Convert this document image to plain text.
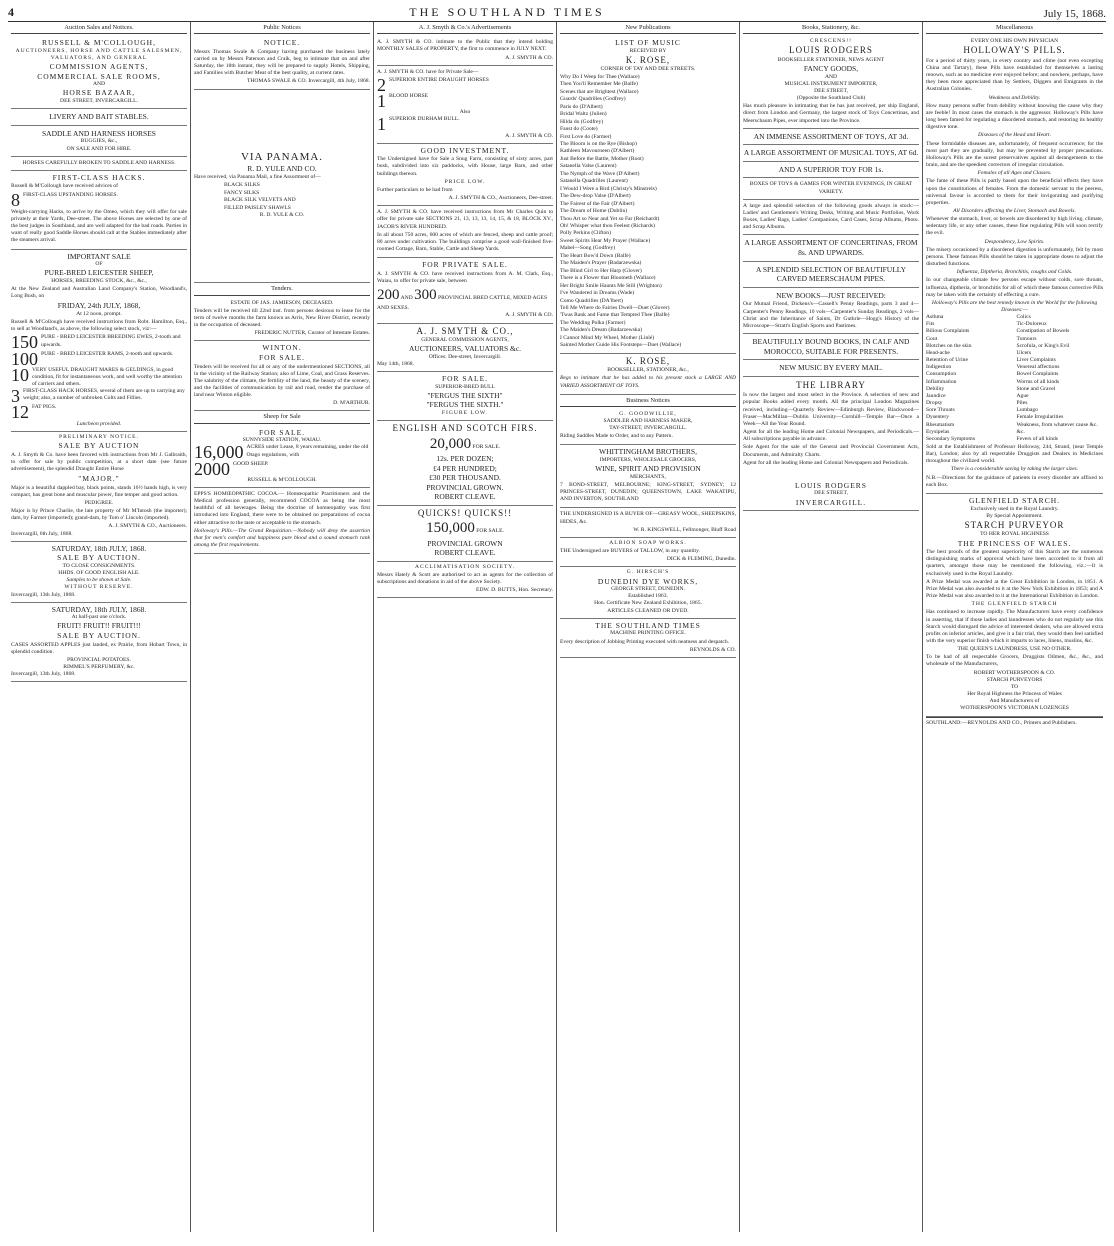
4	THE SOUTHLAND TIMES	July 15, 1868.
Auction Sales and Notices.
RUSSELL & M'COLLOUGH,
AUCTIONEERS, HORSE AND CATTLE SALESMEN, VALUATORS, AND GENERAL
COMMISSION AGENTS,
COMMERCIAL SALE ROOMS,
AND
HORSE BAZAAR,
DEE STREET, INVERCARGILL.
LIVERY AND BAIT STABLES.
SADDLE AND HARNESS HORSES
BUGGIES, &c.,
ON SALE AND FOR HIRE.
HORSES CAREFULLY BROKEN TO SADDLE AND HARNESS.
FIRST-CLASS HACKS.

Russell & M'Collough have received advices of

8 FIRST-CLASS UPSTANDING HORSES.

Weight-carrying Hacks, to arrive by the Omeo, which they will offer for sale privately at their Yards, Dee-street. The above Horses are selected by one of the best judges in Southland, and are well adapted for the bad roads. Parties in want of really good Saddle Horses should call at the Stables immediately after the steamers arrival.

IMPORTANT SALE
OF
PURE-BRED LEICESTER SHEEP,
HORSES, BREEDING STOCK, &c., &c.,

At the New Zealand and Australian Land Company's Station, Woodland's, Long Bush, on

FRIDAY, 24th JULY, 1868,
At 12 noon, prompt.

Russell & M'Collough have received instructions from Robt. Hamilton, Esq., to sell at Woodland's, as above, the following select stock, viz:—

150 PURE - BRED LEICESTER BREEDING EWES, 2-tooth and upwards.
100 PURE - BRED LEICESTER RAMS, 2-tooth and upwards.
10 VERY USEFUL DRAUGHT MARES & GELDINGS, in good condition, fit for instantaneous work, and well worthy the attention of carriers and others.
3 FIRST-CLASS HACK HORSES, several of them are up to carrying any weight; also, a number of unbroken Colts and Fillies.
12 FAT PIGS.
Luncheon provided.
PRELIMINARY NOTICE.
SALE BY AUCTION

A. J. Smyth & Co. have been favored with instructions from Mr J. Galbraith, to offer for sale by public competition, at a short date (see future advertisement), the splendid Draught Entire Horse

"MAJOR."

Major is a beautiful dappled bay, black points, stands 16½ hands high, is very compact, has great bone and muscular power, fine temper and good action.

PEDIGREE.

Major is by Prince Charlie, the late property of Mr M'Intosh (the importer); dam, by Farmer (imported); grand-dam, by Tom o' Lincoln (imported).

A. J. SMYTH & CO., Auctioneers.
Invercargill, 6th July, 1868.
SATURDAY, 18th JULY, 1868.
SALE BY AUCTION.
TO CLOSE CONSIGNMENTS.
HHDS. OF GOOD ENGLISH ALE.
Samples to be shown at Sale.
WITHOUT RESERVE.
Invercargill, 13th July, 1868.
SATURDAY, 18th JULY, 1868.
At half-past one o'clock.
FRUIT! FRUIT!! FRUIT!!!
SALE BY AUCTION.

CASES ASSORTED APPLES just landed, ex Prairie, from Hobart Town, in splendid condition.

PROVINCIAL POTATOES.
RIMMEL'S PERFUMERY, &c.
Invercargill, 13th July, 1868.
Public Notices
NOTICE.

Messrs Thomas Swale & Company having purchased the business lately carried on by Messrs Paterson and Craik, beg to intimate that on and after Saturday, the 18th instant, they will be prepared to supply Hotels, Shipping, and Families with Butcher Meat of the best quality, at current rates.

THOMAS SWALE & CO. Invercargill, 4th July, 1868.
VIA PANAMA.
R. D. YULE AND CO.

Have received, via Panama Mail, a fine Assortment of—

BLACK SILKS
FANCY SILKS
BLACK SILK VELVETS AND
FILLED PAISLEY SHAWLS
R. D. YULE & CO.
Tenders.
ESTATE OF JAS. JAMIESON, DECEASED.

Tenders will be received till 22nd inst. from persons desirous to lease for the term of twelve months the farm known as Arris, New River District, recently in the occupation of deceased.

FREDERIC NUTTER, Curator of Intestate Estates.
WINTON.
FOR SALE.

Tenders will be received for all or any of the undermentioned SECTIONS, all in the vicinity of the Railway Station; also of Lime, Coal, and Grass Reserves. The salubrity of the climate, the fertility of the land, the beauty of the scenery, and the facilities of communication by rail and road, render the purchase of land near Winton eligible.

D. M'ARTHUR.
Sheep for Sale
FOR SALE.
SUNNYSIDE STATION, WAIAU.
16,000 ACRES under Lease, 8 years remaining, under the old Otago regulations, with
2000 GOOD SHEEP.
RUSSELL & M'COLLOUGH.

EPPS'S HOMŒOPATHIC COCOA.— Homœopathic Practitioners and the Medical profession generally, recommend COCOA as being the most healthful of all beverages. Being the doctrine of homœopathy was first introduced into England, there were to be obtained no preparations of cocoa either attractive to the taste or acceptable to the stomach.

Holloway's Pills.—The Grand Requisition.—Nobody will deny the assertion that for men's comfort and happiness pure blood and a sound stomach rank among the first requirements.

A. J. Smyth & Co.'s Advertisements

A. J. SMYTH & CO. intimate to the Public that they intend holding MONTHLY SALES of PROPERTY, the first to commence in JULY NEXT.

A. J. SMYTH & CO.

A. J. SMYTH & CO. have for Private Sale—

2 SUPERIOR ENTIRE DRAUGHT HORSES
1 BLOOD HORSE
Also
1 SUPERIOR DURHAM BULL.
A. J. SMYTH & CO.
GOOD INVESTMENT.

The Undersigned have for Sale a Snug Farm, consisting of sixty acres, part bush, subdivided into six paddocks, with House, large Barn, and other buildings thereon.

PRICE LOW.

Further particulars to be had from

A. J. SMYTH & CO., Auctioneers, Dee-street.

A. J. SMYTH & CO. have received instructions from Mr Charles Quin to offer for private sale SECTIONS 21, 13, 13, 13, 14, 15, & 18, BLOCK XV., JACOB'S RIVER HUNDRED.

In all about 750 acres, 600 acres of which are fenced, sheep and cattle proof; 80 acres under cultivation. The buildings comprise a good wall-finished five-roomed Cottage, Barn, Stable, Cattle and Sheep Yards.

FOR PRIVATE SALE.

A. J. SMYTH & CO. have received instructions from A. M. Clark, Esq., Waiau, to offer for private sale, between

200 AND 300 PROVINCIAL BRED CATTLE, MIXED AGES AND SEXES.
A. J. SMYTH & CO.
A. J. SMYTH & CO.,
GENERAL COMMISSION AGENTS,
AUCTIONEERS, VALUATORS &c.
Offices: Dee-street, Invercargill.
May 14th, 1868.
FOR SALE.
SUPERIOR-BRED BULL
"FERGUS THE SIXTH"
"FERGUS THE SIXTH."
FIGURE LOW.
ENGLISH AND SCOTCH FIRS.
20,000 FOR SALE.
12s. PER DOZEN;
£4 PER HUNDRED;
£30 PER THOUSAND.
PROVINCIAL GROWN.
ROBERT CLEAVE.
QUICKS! QUICKS!!
150,000 FOR SALE.
PROVINCIAL GROWN
ROBERT CLEAVE.
ACCLIMATISATION SOCIETY.

Messrs Hately & Scott are authorised to act as agents for the collection of subscriptions and donations in aid of the above Society.

EDW. D. BUTTS, Hon. Secretary.
New Publications
LIST OF MUSIC
RECEIVED BY
K. ROSE,
CORNER OF TAY AND DEE STREETS.
Why Do I Weep for Thee (Wallace)
Then You'll Remember Me (Balfe)
Scenes that are Brightest (Wallace)
Guards' Quadrilles (Godfrey)
Paris do (D'Albert)
Bridal Waltz (Julien)
Hilda do (Godfrey)
Faust do (Coote)
First Love do (Farmer)
The Bloom is on the Rye (Bishop)
Kathleen Mavourneen (D'Albert)
Just Before the Battle, Mother (Root)
Satanella Valse (Laurent)
The Nymph of the Wave (D'Albert)
Satanella Quadrilles (Laurent)
I Would I Were a Bird (Christy's Minstrels)
The Dew-drop Valse (D'Albert)
The Fairest of the Fair (D'Albert)
The Dream of Home (Dublin)
Thou Art so Near and Yet so Far (Reichardt)
Oh! Whisper what thou Feelest (Richards)
Polly Perkins (Clifton)
Sweet Spirits Hear My Prayer (Wallace)
Mabel—Song (Godfrey)
The Heart Bow'd Down (Balfe)
The Maiden's Prayer (Badarzewska)
The Blind Girl to Her Harp (Glover)
There is a Flower that Bloometh (Wallace)
Her Bright Smile Haunts Me Still (Wrighton)
I've Wandered in Dreams (Wade)
Como Quadrilles (DA'lbert)
Tell Me Where do Fairies Dwell—Duet (Glover)
'Twas Rank and Fame that Tempted Thee (Balfe)
The Wedding Polka (Farmer)
The Maiden's Dream (Badarzewska)
I Cannot Mind My Wheel, Mother (Linlé)
Sainted Mother Guide His Footsteps—Duet (Wallace)
K. ROSE,
BOOKSELLER, STATIONER, &c.,

Begs to intimate that he has added to his present stock a LARGE AND VARIED ASSORTMENT OF TOYS.

Business Notices
G. GOODWILLIE,
SADDLER AND HARNESS MAKER,
TAY-STREET, INVERCARGILL.

Riding Saddles Made to Order, and to any Pattern.

WHITTINGHAM BROTHERS,
IMPORTERS, WHOLESALE GROCERS,
WINE, SPIRIT AND PROVISION
MERCHANTS,

7 BOND-STREET, MELBOURNE; KING-STREET, SYDNEY; 12 PRINCES-STREET, DUNEDIN; QUEENSTOWN, LAKE WAKATIPU, AND INVERTON, SOUTHLAND

THE UNDERSIGNED IS A BUYER OF—GREASY WOOL, SHEEPSKINS, HIDES, &c.

W. R. KINGSWELL, Fellmonger, Bluff Road
ALBION SOAP WORKS.

THE Undersigned are BUYERS of TALLOW, in any quantity.

DICK & FLEMING, Dunedin.
G. HIRSCH'S
DUNEDIN DYE WORKS,
GEORGE STREET, DUNEDIN.
Established 1863.
Hon. Certificate New Zealand Exhibition, 1865.
ARTICLES CLEANED OR DYED.
THE SOUTHLAND TIMES
MACHINE PRINTING OFFICE.

Every description of Jobbing Printing executed with neatness and despatch.

REYNOLDS & CO.
Books, Stationery, &c.
CRESCENS!!
LOUIS RODGERS
BOOKSELLER STATIONER, NEWS AGENT
FANCY GOODS,
AND
MUSICAL INSTRUMENT IMPORTER,
DEE STREET,
(Opposite the Southland Club)

Has much pleasure in intimating that he has just received, per ship England, direct from London and Germany, the largest stock of Toys Concertinas, and Meerschaum Pipes, ever imported into the Province.

AN IMMENSE ASSORTMENT OF TOYS, AT 3d.
A LARGE ASSORTMENT OF MUSICAL TOYS, AT 6d.
AND A SUPERIOR TOY FOR 1s.
BOXES OF TOYS & GAMES FOR WINTER EVENINGS, IN GREAT VARIETY.

A large and splendid selection of the following goods always in stock:—Ladies' and Gentlemen's Writing Desks, Writing and Music Portfolios, Work Boxes, Ladies' Bags, Ladies' Companions, Card Cases, Scrap Albums, Photo. and Scrap Albums.

A LARGE ASSORTMENT OF CONCERTINAS, FROM 8s. AND UPWARDS.
A SPLENDID SELECTION OF BEAUTIFULLY CARVED MEERSCHAUM PIPES.
NEW BOOKS—JUST RECEIVED:

Our Mutual Friend, Dickens's—Cassell's Penny Readings, parts 3 and 4—Carpenter's Penny Readings, 10 vols—Carpenter's Sunday Readings, 2 vols—Christ and the Inheritance of Saints, Dr Guthrie—Hogg's History of the Microscope—Stratt's English Sports and Pastimes.

BEAUTIFULLY BOUND BOOKS, IN CALF AND MOROCCO, SUITABLE FOR PRESENTS.
NEW MUSIC BY EVERY MAIL.
THE LIBRARY

Is now the largest and most select in the Province. A selection of new and popular Books added every month. All the principal London Magazines received, including—Quarterly Review—Edinburgh Review, Blackwood—Fraser—MacMillan—Dublin University—Cornhill—Temple Bar—Once a Week—All the Year Round.

Agent for all the leading Home and Colonial Newspapers, and Periodicals.—All subscriptions payable in advance.

Sole Agent for the sale of the General and Provincial Government Acts, Documents, and Admiralty Charts.

Agent for all the leading Home and Colonial Newspapers and Periodicals.

LOUIS RODGERS
DEE STREET,
INVERCARGILL.
Miscellaneous
EVERY ONE HIS OWN PHYSICIAN
HOLLOWAY'S PILLS.

For a period of thirty years, in every country and clime (not even excepting China and Tartary), these Pills have established for themselves a lasting renown, such as no medicine ever enjoyed before; and nowhere, perhaps, have they been more appreciated than by Settlers, Diggers and Emigrants in the Australian Colonies.

Weakness and Debility.

How many persons suffer from debility without knowing the cause why they are feeble! In most cases the stomach is the aggressor. Holloway's Pills have long been famed for regulating a disordered stomach, and restoring its healthy digestive tone.

Diseases of the Head and Heart.

These formidable diseases are, unfortunately, of frequent occurrence; for the most part they are gradually, but may be prevented by proper precautions. Holloway's Pills are the surest preservatives against all derangements to the brain, and are the speediest correctors of irregular circulation.

Females of all Ages and Classes.

The fame of these Pills is partly based upon the beneficial effects they have upon the constitutions of females. From the domestic servant to the peeress, universal favour is accorded to them for their invigorating and purifying properties.

All Disorders affecting the Liver, Stomach and Bowels.

Whenever the stomach, liver, or bowels are disordered by high living, climate, sedentary life, or any other causes, these fine regulating Pills will soon rectify the evil.

Despondency, Low Spirits.

The misery occasioned by a disordered digestion is unfortunately, felt by most persons. These famous Pills should be taken in appropriate doses to adjust the disturbed functions.

Influenza, Diptheria, Bronchitis, coughs and Colds.

In our changeable climate few persons escape without colds, sore throats, influenza, diptheria, or bronchitis for all of which these famous corrective Pills may be taken with the certainty of effecting a cure.

Holloway's Pills are the best remedy known in the World for the following Diseases:—
Asthma
Fits
Bilious Complaints
Gout
Blotches on the skin
Head-ache
Retention of Urine
Indigestion
Consumption
Inflammation
Debility
Jaundice
Dropsy
Sore Throats
Dysentery
Rheumatism
Erysipelas
Secondary Symptoms
Colics
Tic-Doloreux
Constipation of Bowels
Tumours
Scrofula, or King's Evil
Ulcers
Liver Complaints
Venereal affections
Bowel Complaints
Worms of all kinds
Stone and Gravel
Ague
Piles
Lumbago
Female Irregularities
Weakness, from whatever cause &c. &c.
Fevers of all kinds

Sold at the Establishment of Professor Holloway, 244, Strand, (near Temple Bar), London; also by all respectable Druggists and Dealers in Medicines throughout the civilized world.

There is a considerable saving by taking the larger sizes.

N.B.—Directions for the guidance of patients in every disorder are affixed to each Box.

GLENFIELD STARCH.
Exclusively used in the Royal Laundry.
By Special Appointment.
STARCH PURVEYOR
TO HER ROYAL HIGHNESS
THE PRINCESS OF WALES.

The best proofs of the greatest superiority of this Starch are the numerous distinguishing marks of approval which have been accorded to it from all quarters, amongst those may be mentioned the following, viz.:—It is exclusively used in the Royal Laundry.

A Prize Medal was awarded at the Great Exhibition in London, in 1851. A Prize Medal was also awarded to it at the New York Exhibition in 1853; and A Prize Medal was also awarded to it at the International Exhibition in London.

THE GLENFIELD STARCH

Has continued to increase rapidly. The Manufacturers have every confidence in asserting, that if those ladies and laundresses who do not regularly use this Starch would disregard the advice of interested dealers, who are allowed extra profits on inferior articles, and give it a fair trial, they would then feel satisfied with the very superior finish which it imparts to laces, linens, muslins, &c.

THE QUEEN'S LAUNDRESS, USE NO OTHER.

To be had of all respectable Grocers, Druggists Oilmen, &c., &c., and wholesale of the Manufacturers,

ROBERT WOTHERSPOON & CO.
STARCH PURVEYORS
TO
Her Royal Highness the Princess of Wales
And Manufacturers of
WOTHERSPOON'S VICTORIAN LOZENGES
SOUTHLAND:—REYNOLDS AND CO., Printers and Publishers.
